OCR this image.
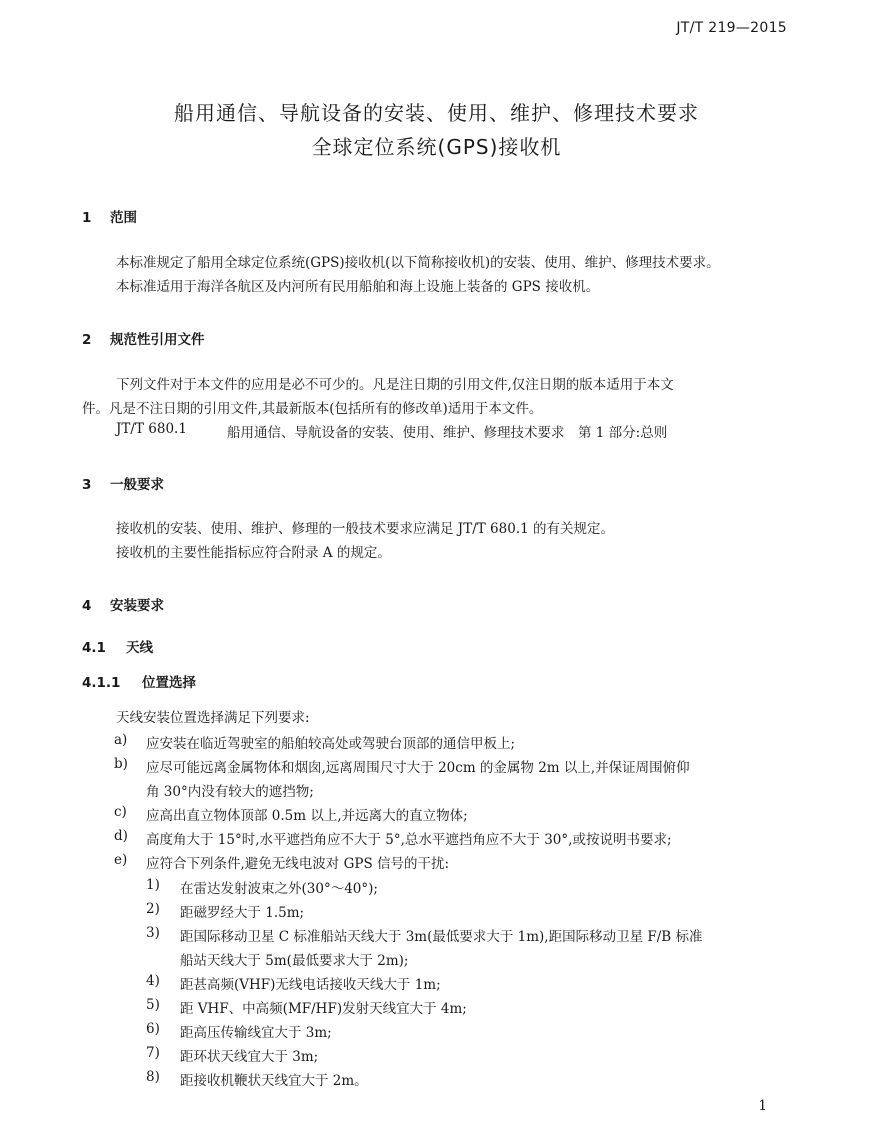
JT/T 219—2015
船用通信、导航设备的安装、使用、维护、修理技术要求
全球定位系统(GPS)接收机
1 范围
本标准规定了船用全球定位系统(GPS)接收机(以下简称接收机)的安装、使用、维护、修理技术要求。
本标准适用于海洋各航区及内河所有民用船舶和海上设施上装备的 GPS 接收机。
2 规范性引用文件
下列文件对于本文件的应用是必不可少的。凡是注日期的引用文件,仅注日期的版本适用于本文
件。凡是不注日期的引用文件,其最新版本(包括所有的修改单)适用于本文件。
JT/T 680.1	船用通信、导航设备的安装、使用、维护、修理技术要求　第 1 部分:总则
3 一般要求
接收机的安装、使用、维护、修理的一般技术要求应满足 JT/T 680.1 的有关规定。
接收机的主要性能指标应符合附录 A 的规定。
4 安装要求
4.1 天线
4.1.1 位置选择
天线安装位置选择满足下列要求:
a) 应安装在临近驾驶室的船舶较高处或驾驶台顶部的通信甲板上;
b) 应尽可能远离金属物体和烟囱,远离周围尺寸大于 20cm 的金属物 2m 以上,并保证周围俯仰
角 30°内没有较大的遮挡物;
c) 应高出直立物体顶部 0.5m 以上,并远离大的直立物体;
d) 高度角大于 15°时,水平遮挡角应不大于 5°,总水平遮挡角应不大于 30°,或按说明书要求;
e) 应符合下列条件,避免无线电波对 GPS 信号的干扰:
1) 在雷达发射波束之外(30°～40°);
2) 距磁罗经大于 1.5m;
3) 距国际移动卫星 C 标准船站天线大于 3m(最低要求大于 1m),距国际移动卫星 F/B 标准
船站天线大于 5m(最低要求大于 2m);
4) 距甚高频(VHF)无线电话接收天线大于 1m;
5) 距 VHF、中高频(MF/HF)发射天线宜大于 4m;
6) 距高压传输线宜大于 3m;
7) 距环状天线宜大于 3m;
8) 距接收机鞭状天线宜大于 2m。
1
